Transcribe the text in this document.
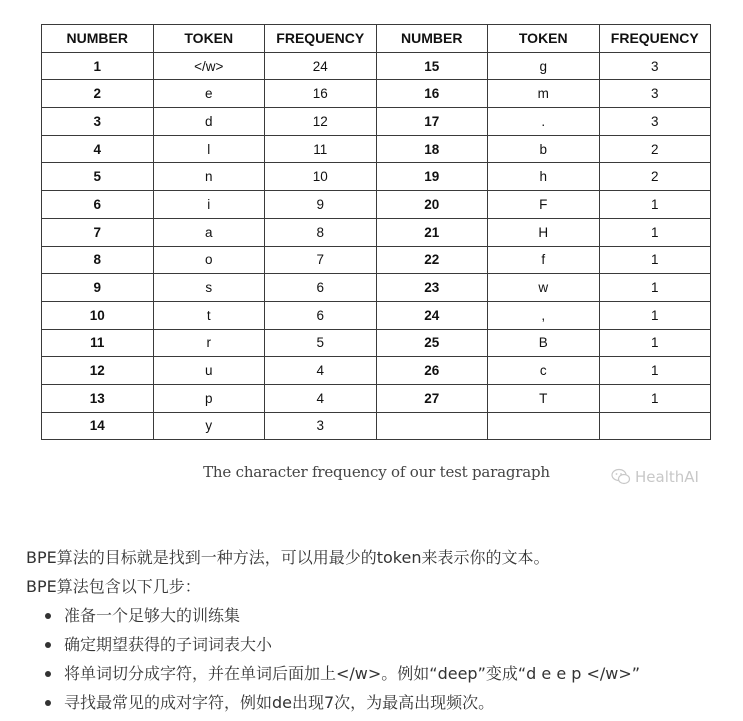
NUMBER	TOKEN	FREQUENCY	NUMBER	TOKEN	FREQUENCY
1	</w>	24	15	g	3
2	e	16	16	m	3
3	d	12	17	.	3
4	l	11	18	b	2
5	n	10	19	h	2
6	i	9	20	F	1
7	a	8	21	H	1
8	o	7	22	f	1
9	s	6	23	w	1
10	t	6	24	,	1
11	r	5	25	B	1
12	u	4	26	c	1
13	p	4	27	T	1
14	y	3			
The character frequency of our test paragraph	HealthAI

BPE算法的目标就是找到一种方法，可以用最少的token来表示你的文本。

BPE算法包含以下几步：

准备一个足够大的训练集
确定期望获得的子词词表大小
将单词切分成字符，并在单词后面加上</w>。例如“deep”变成“d e e p </w>”
寻找最常见的成对字符，例如de出现7次，为最高出现频次。
